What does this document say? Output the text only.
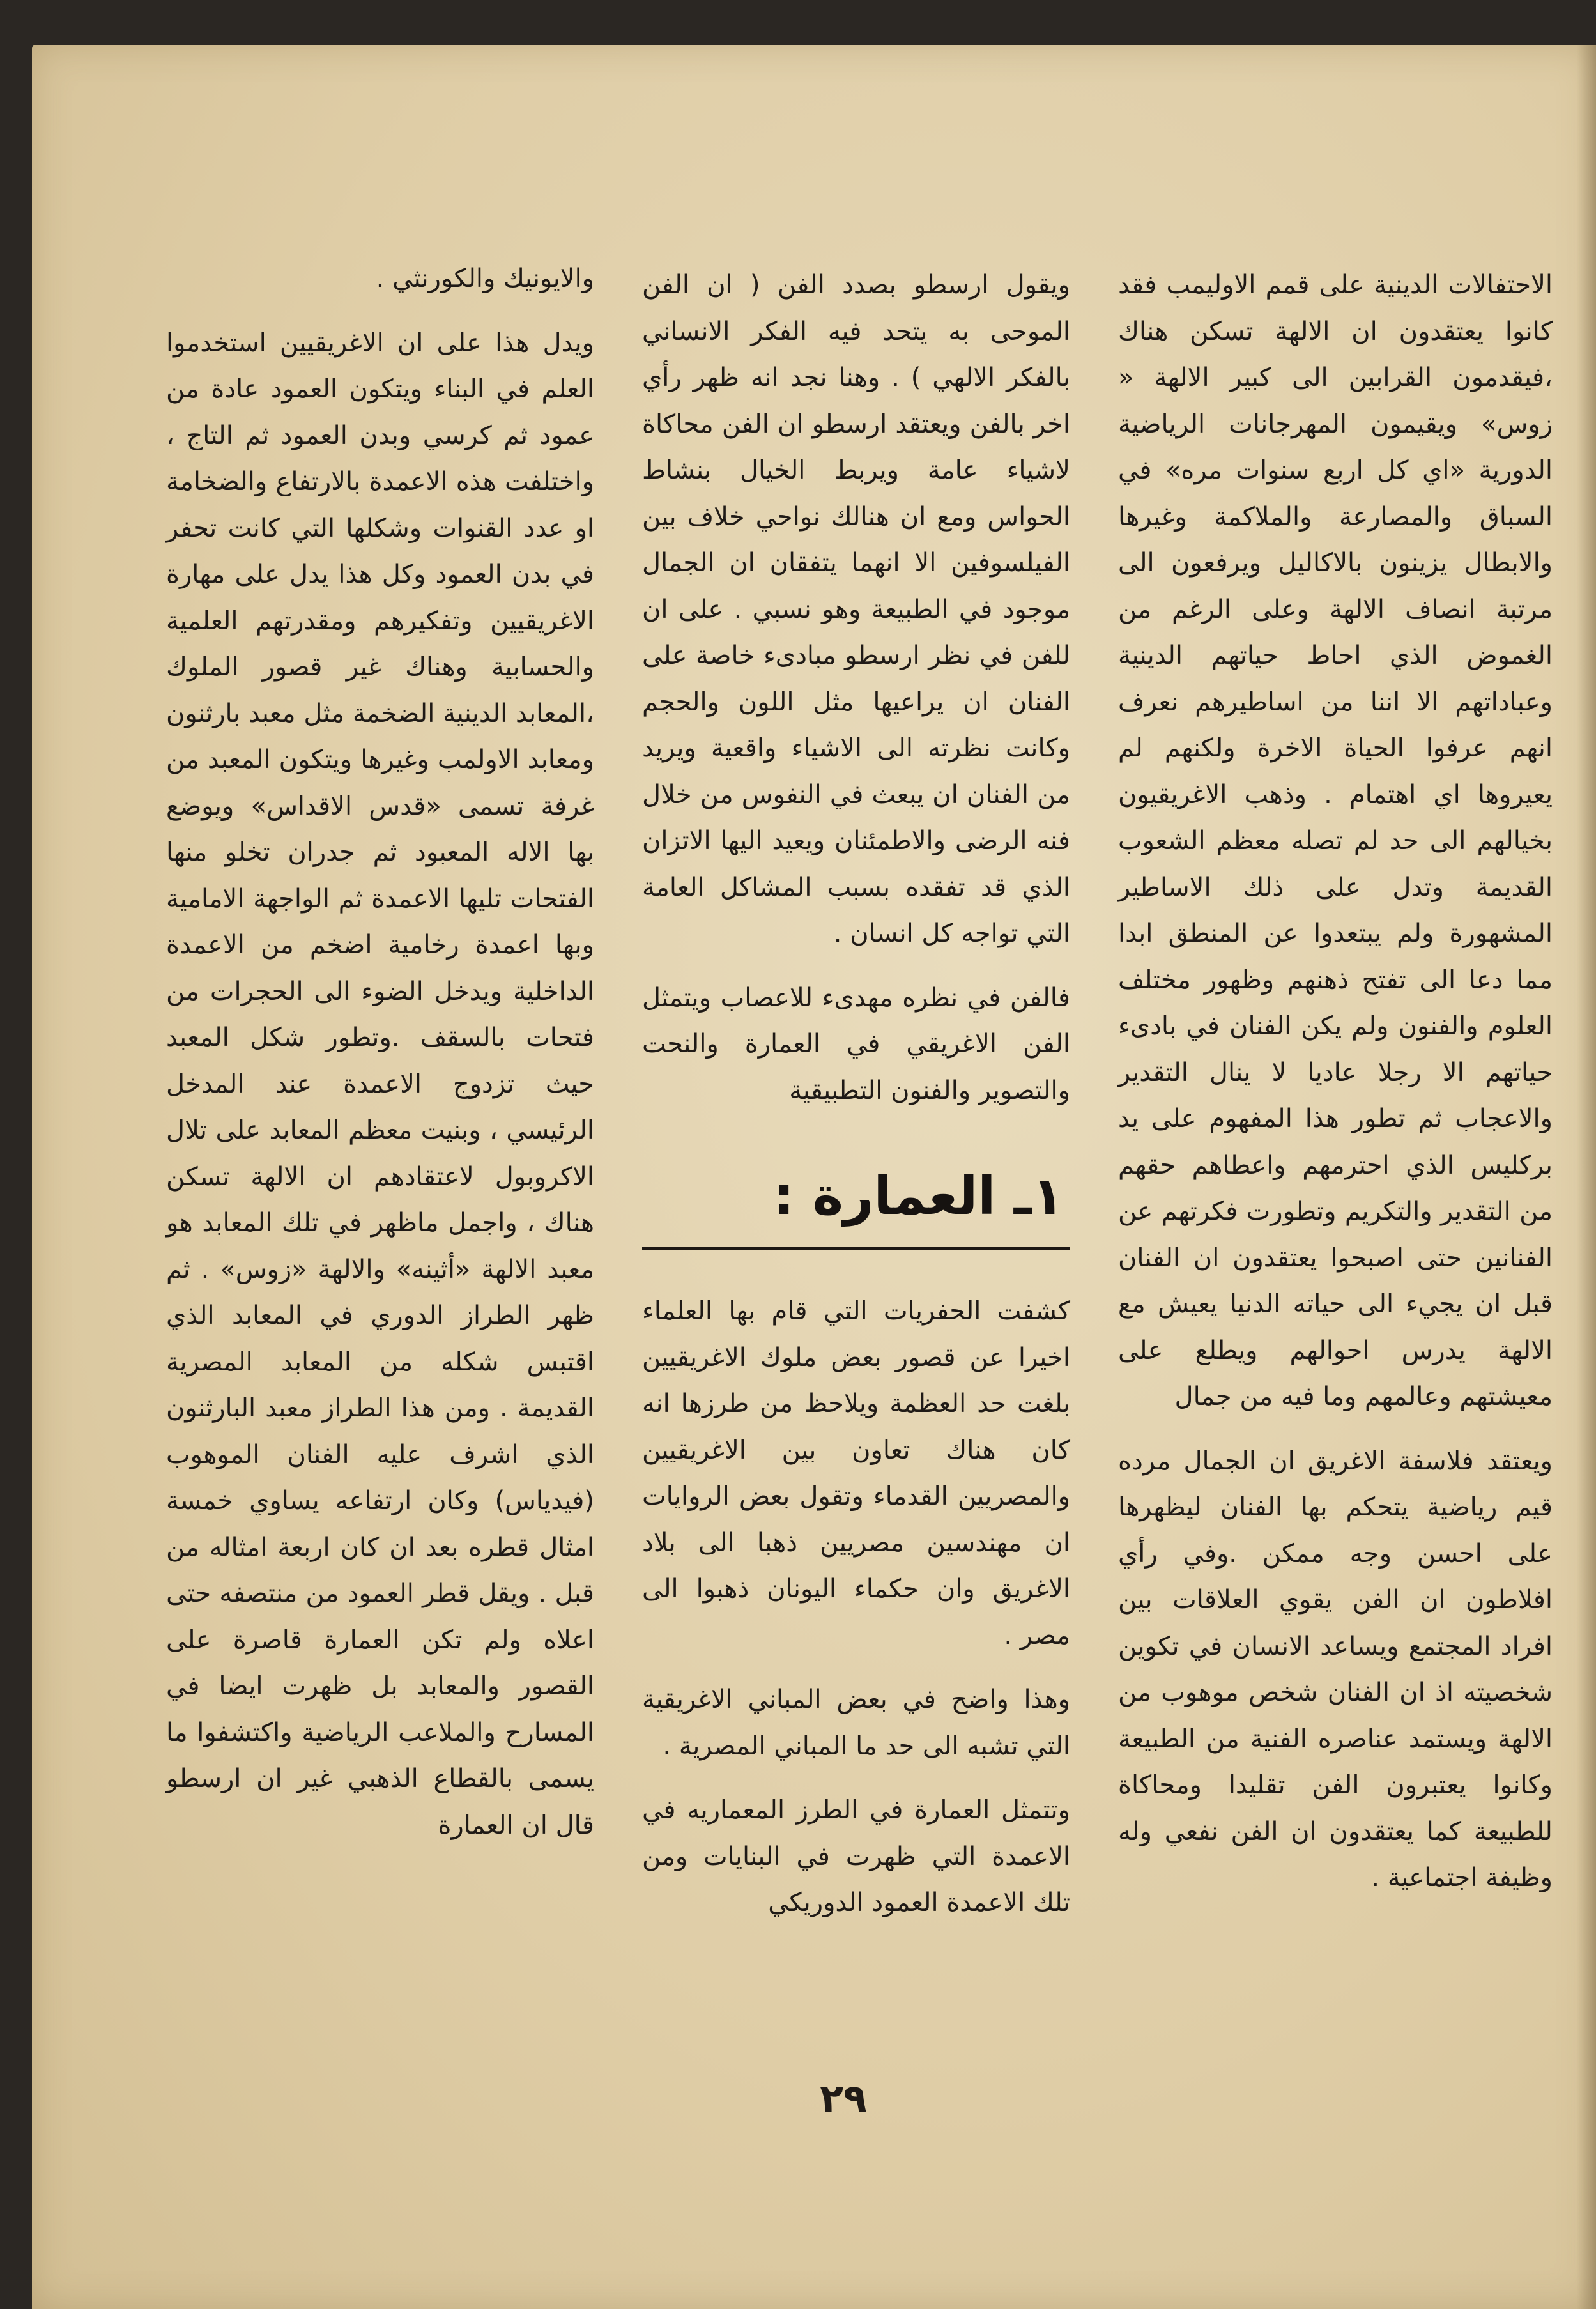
الاحتفالات الدينية على قمم الاوليمب فقد كانوا يعتقدون ان الالهة تسكن هناك ،فيقدمون القرابين الى كبير الالهة « زوس» ويقيمون المهرجانات الرياضية الدورية «اي كل اربع سنوات مره» في السباق والمصارعة والملاكمة وغيرها والابطال يزينون بالاكاليل ويرفعون الى مرتبة انصاف الالهة وعلى الرغم من الغموض الذي احاط حياتهم الدينية وعباداتهم الا اننا من اساطيرهم نعرف انهم عرفوا الحياة الاخرة ولكنهم لم يعيروها اي اهتمام . وذهب الاغريقيون بخيالهم الى حد لم تصله معظم الشعوب القديمة وتدل على ذلك الاساطير المشهورة ولم يبتعدوا عن المنطق ابدا مما دعا الى تفتح ذهنهم وظهور مختلف العلوم والفنون ولم يكن الفنان في بادىء حياتهم الا رجلا عاديا لا ينال التقدير والاعجاب ثم تطور هذا المفهوم على يد بركليس الذي احترمهم واعطاهم حقهم من التقدير والتكريم وتطورت فكرتهم عن الفنانين حتى اصبحوا يعتقدون ان الفنان قبل ان يجيء الى حياته الدنيا يعيش مع الالهة يدرس احوالهم ويطلع على معيشتهم وعالمهم وما فيه من جمال

ويعتقد فلاسفة الاغريق ان الجمال مرده قيم رياضية يتحكم بها الفنان ليظهرها على احسن وجه ممكن .وفي رأي افلاطون ان الفن يقوي العلاقات بين افراد المجتمع ويساعد الانسان في تكوين شخصيته اذ ان الفنان شخص موهوب من الالهة ويستمد عناصره الفنية من الطبيعة وكانوا يعتبرون الفن تقليدا ومحاكاة للطبيعة كما يعتقدون ان الفن نفعي وله وظيفة اجتماعية .

ويقول ارسطو بصدد الفن ( ان الفن الموحى به يتحد فيه الفكر الانساني بالفكر الالهي ) . وهنا نجد انه ظهر رأي اخر بالفن ويعتقد ارسطو ان الفن محاكاة لاشياء عامة ويربط الخيال بنشاط الحواس ومع ان هنالك نواحي خلاف بين الفيلسوفين الا انهما يتفقان ان الجمال موجود في الطبيعة وهو نسبي . على ان للفن في نظر ارسطو مبادىء خاصة على الفنان ان يراعيها مثل اللون والحجم وكانت نظرته الى الاشياء واقعية ويريد من الفنان ان يبعث في النفوس من خلال فنه الرضى والاطمئنان ويعيد اليها الاتزان الذي قد تفقده بسبب المشاكل العامة التي تواجه كل انسان .

فالفن في نظره مهدىء للاعصاب ويتمثل الفن الاغريقي في العمارة والنحت والتصوير والفنون التطبيقية

١ـ العمارة :

كشفت الحفريات التي قام بها العلماء اخيرا عن قصور بعض ملوك الاغريقيين بلغت حد العظمة ويلاحظ من طرزها انه كان هناك تعاون بين الاغريقيين والمصريين القدماء وتقول بعض الروايات ان مهندسين مصريين ذهبا الى بلاد الاغريق وان حكماء اليونان ذهبوا الى مصر .

وهذا واضح في بعض المباني الاغريقية التي تشبه الى حد ما المباني المصرية .

وتتمثل العمارة في الطرز المعماريه في الاعمدة التي ظهرت في البنايات ومن تلك الاعمدة العمود الدوريكي

والايونيك والكورنثي .

ويدل هذا على ان الاغريقيين استخدموا العلم في البناء ويتكون العمود عادة من عمود ثم كرسي وبدن العمود ثم التاج ، واختلفت هذه الاعمدة بالارتفاع والضخامة او عدد القنوات وشكلها التي كانت تحفر في بدن العمود وكل هذا يدل على مهارة الاغريقيين وتفكيرهم ومقدرتهم العلمية والحسابية وهناك غير قصور الملوك ،المعابد الدينية الضخمة مثل معبد بارثنون ومعابد الاولمب وغيرها ويتكون المعبد من غرفة تسمى «قدس الاقداس» ويوضع بها الاله المعبود ثم جدران تخلو منها الفتحات تليها الاعمدة ثم الواجهة الامامية وبها اعمدة رخامية اضخم من الاعمدة الداخلية ويدخل الضوء الى الحجرات من فتحات بالسقف .وتطور شكل المعبد حيث تزدوج الاعمدة عند المدخل الرئيسي ، وبنيت معظم المعابد على تلال الاكروبول لاعتقادهم ان الالهة تسكن هناك ، واجمل ماظهر في تلك المعابد هو معبد الالهة «أثينه» والالهة «زوس» . ثم ظهر الطراز الدوري في المعابد الذي اقتبس شكله من المعابد المصرية القديمة . ومن هذا الطراز معبد البارثنون الذي اشرف عليه الفنان الموهوب (فيدياس) وكان ارتفاعه يساوي خمسة امثال قطره بعد ان كان اربعة امثاله من قبل . ويقل قطر العمود من منتصفه حتى اعلاه ولم تكن العمارة قاصرة على القصور والمعابد بل ظهرت ايضا في المسارح والملاعب الرياضية واكتشفوا ما يسمى بالقطاع الذهبي غير ان ارسطو قال ان العمارة

٢٩
